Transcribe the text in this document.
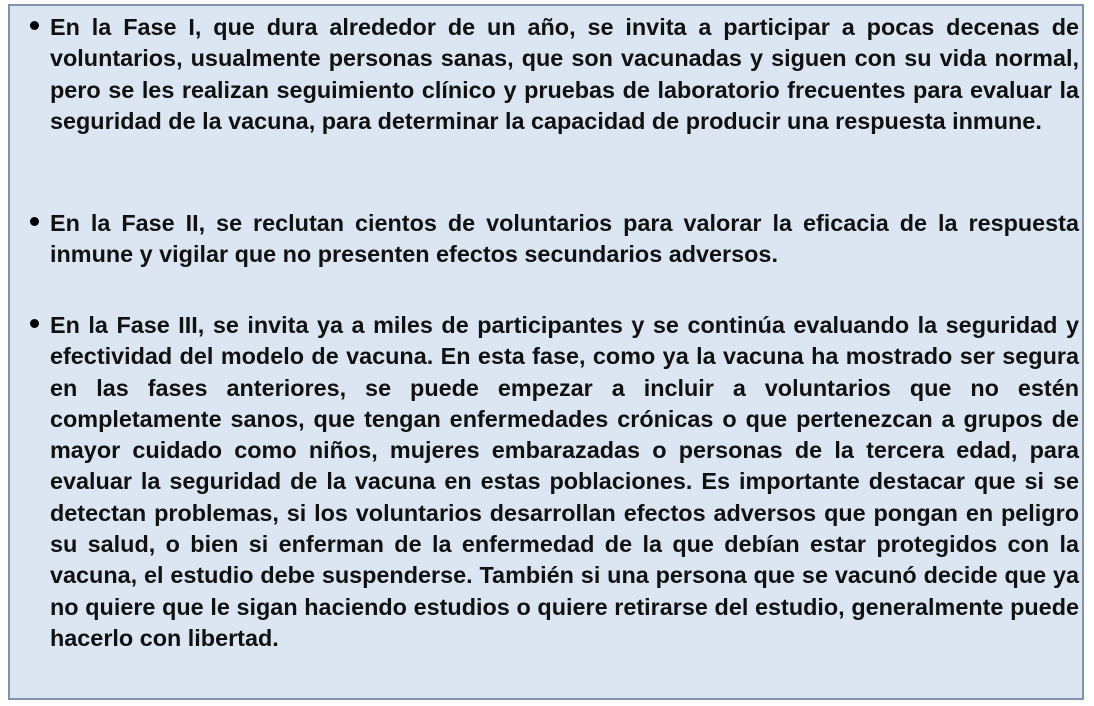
En la Fase I, que dura alrededor de un año, se invita a participar a pocas decenas de voluntarios, usualmente personas sanas, que son vacunadas y siguen con su vida normal, pero se les realizan seguimiento clínico y pruebas de laboratorio frecuentes para evaluar la seguridad de la vacuna, para determinar la capacidad de producir una respuesta inmune.

En la Fase II, se reclutan cientos de voluntarios para valorar la eficacia de la respuesta inmune y vigilar que no presenten efectos secundarios adversos.

En la Fase III, se invita ya a miles de participantes y se continúa evaluando la seguridad y efectividad del modelo de vacuna. En esta fase, como ya la vacuna ha mostrado ser segura en las fases anteriores, se puede empezar a incluir a voluntarios que no estén completamente sanos, que tengan enfermedades crónicas o que pertenezcan a grupos de mayor cuidado como niños, mujeres embarazadas o personas de la tercera edad, para evaluar la seguridad de la vacuna en estas poblaciones. Es importante destacar que si se detectan problemas, si los voluntarios desarrollan efectos adversos que pongan en peligro su salud, o bien si enferman de la enfermedad de la que debían estar protegidos con la vacuna, el estudio debe suspenderse. También si una persona que se vacunó decide que ya no quiere que le sigan haciendo estudios o quiere retirarse del estudio, generalmente puede hacerlo con libertad.
